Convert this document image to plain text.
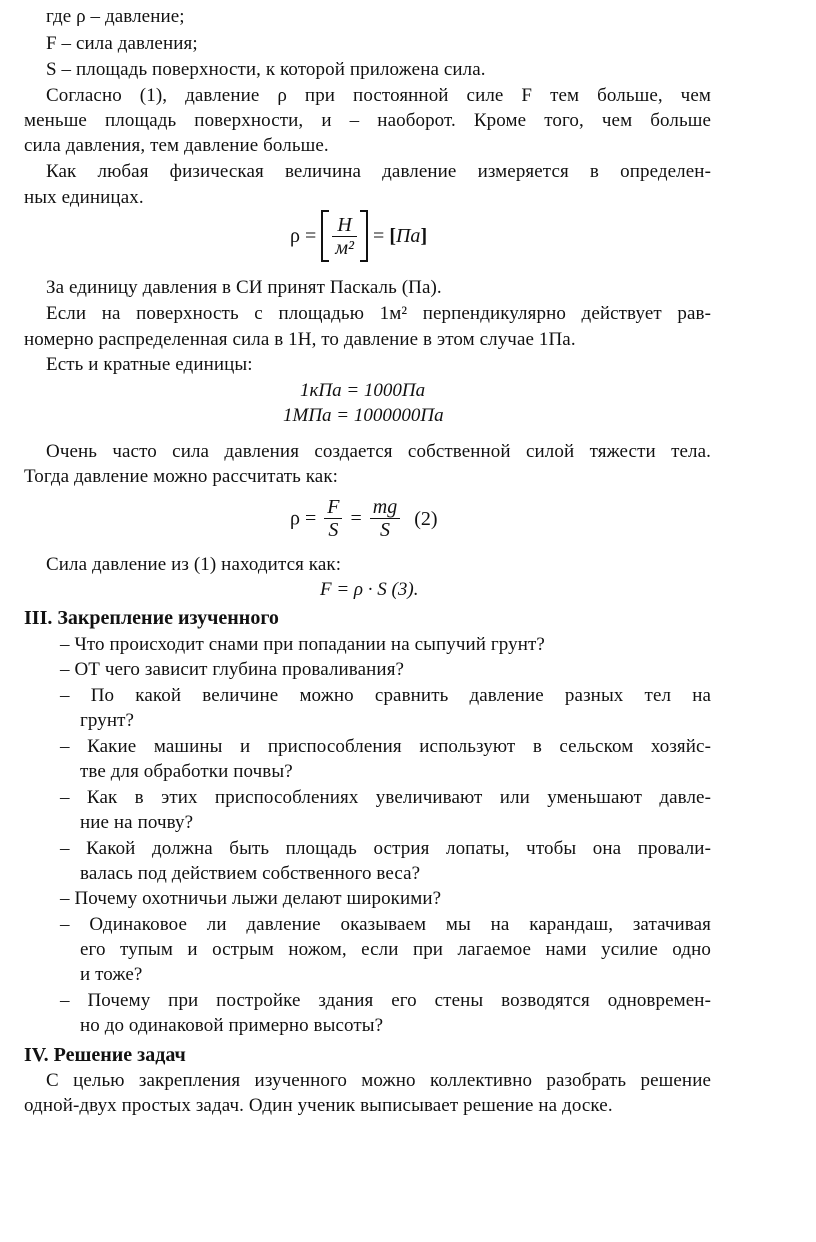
где ρ – давление;
F – сила давления;
S – площадь поверхности, к которой приложена сила.
Согласно (1), давление ρ при постоянной силе F тем больше, чем
меньше площадь поверхности, и – наоборот. Кроме того, чем больше
сила давления, тем давление больше.
Как любая физическая величина давление измеряется в определен-
ных единицах.
$\rho = \frac{Н}{\text{м²}} = [Па]$
За единицу давления в СИ принят Паскаль (Па).
Если на поверхность с площадью 1м² перпендикулярно действует рав-
номерно распределенная сила в 1Н, то давление в этом случае 1Па.
Есть и кратные единицы:
1кПа = 1000Па
1МПа = 1000000Па
Очень часто сила давления создается собственной силой тяжести тела.
Тогда давление можно рассчитать как:
$\rho = \frac{F}{S} = \frac{mg}{S} (2)$
Сила давление из (1) находится как:
F = ρ · S (3).
III. Закрепление изученного
– Что происходит снами при попадании на сыпучий грунт?
– ОТ чего зависит глубина проваливания?
– По какой величине можно сравнить давление разных тел на
грунт?
– Какие машины и приспособления используют в сельском хозяйс-
тве для обработки почвы?
– Как в этих приспособлениях увеличивают или уменьшают давле-
ние на почву?
– Какой должна быть площадь острия лопаты, чтобы она провали-
валась под действием собственного веса?
– Почему охотничьи лыжи делают широкими?
– Одинаковое ли давление оказываем мы на карандаш, затачивая
его тупым и острым ножом, если при лагаемое нами усилие одно
и тоже?
– Почему при постройке здания его стены возводятся одновремен-
но до одинаковой примерно высоты?
IV. Решение задач
С целью закрепления изученного можно коллективно разобрать решение
одной-двух простых задач. Один ученик выписывает решение на доске.
